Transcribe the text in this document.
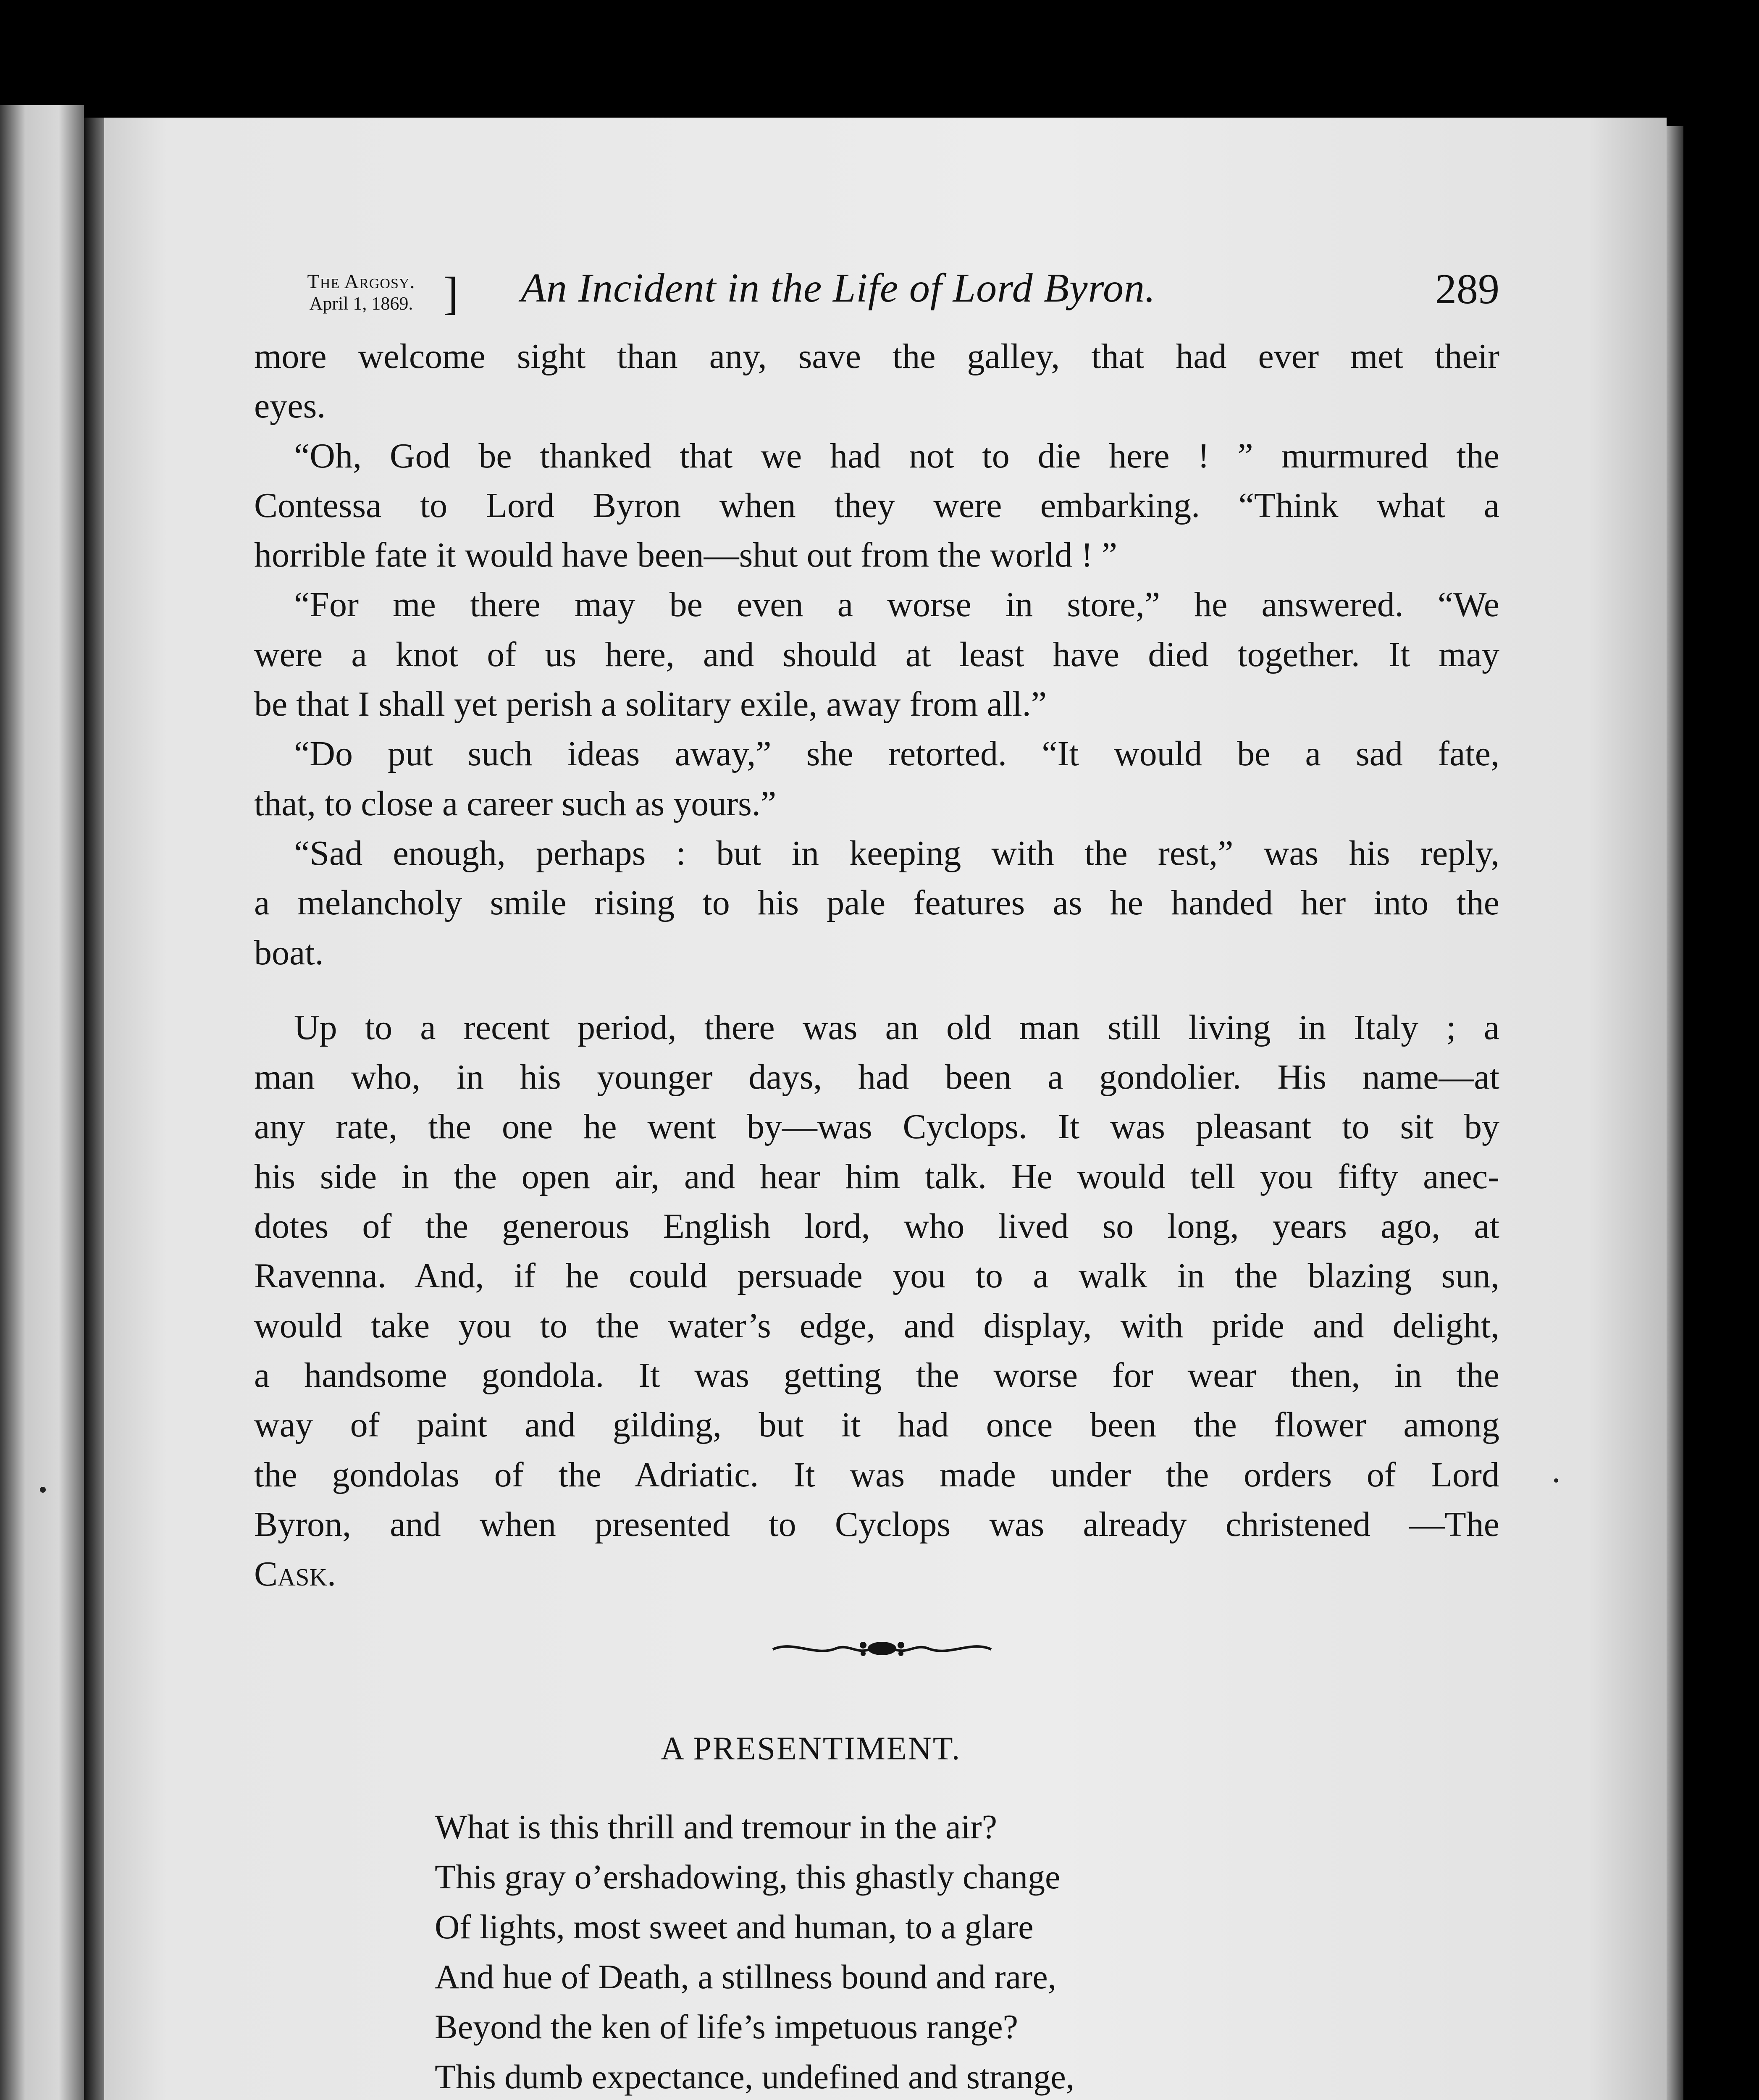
The Argosy.
April 1, 1869. ] An Incident in the Life of Lord Byron.	289
more welcome sight than any, save the galley, that had ever met their
eyes.
“Oh, God be thanked that we had not to die here ! ” murmured the
Contessa to Lord Byron when they were embarking. “Think what a
horrible fate it would have been—shut out from the world ! ”
“For me there may be even a worse in store,” he answered. “We
were a knot of us here, and should at least have died together. It may
be that I shall yet perish a solitary exile, away from all.”
“Do put such ideas away,” she retorted. “It would be a sad fate,
that, to close a career such as yours.”
“Sad enough, perhaps : but in keeping with the rest,” was his reply,
a melancholy smile rising to his pale features as he handed her into the
boat.
Up to a recent period, there was an old man still living in Italy ; a
man who, in his younger days, had been a gondolier. His name—at
any rate, the one he went by—was Cyclops. It was pleasant to sit by
his side in the open air, and hear him talk. He would tell you fifty anec-
dotes of the generous English lord, who lived so long, years ago, at
Ravenna. And, if he could persuade you to a walk in the blazing sun,
would take you to the water’s edge, and display, with pride and delight,
a handsome gondola. It was getting the worse for wear then, in the
way of paint and gilding, but it had once been the flower among
the gondolas of the Adriatic. It was made under the orders of Lord
Byron, and when presented to Cyclops was already christened —The
Cask.
A PRESENTIMENT.
What is this thrill and tremour in the air?
This gray o’ershadowing, this ghastly change
Of lights, most sweet and human, to a glare
And hue of Death, a stillness bound and rare,
Beyond the ken of life’s impetuous range?
This dumb expectance, undefined and strange,
